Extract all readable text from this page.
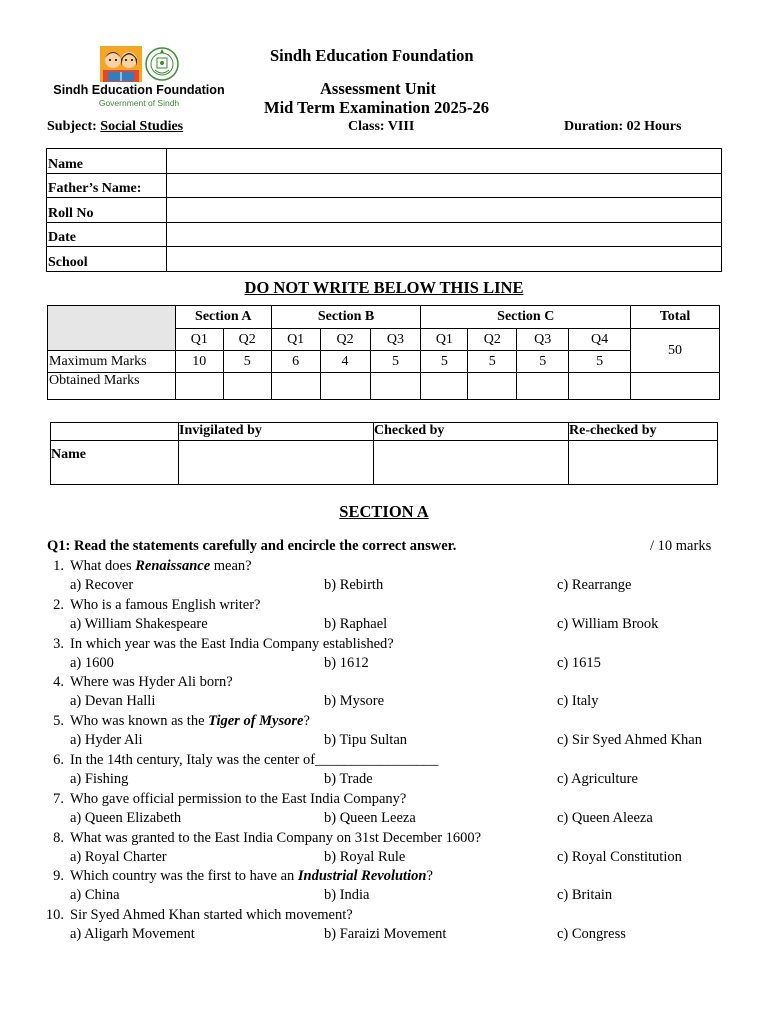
Sindh Education Foundation
Government of Sindh
Sindh Education Foundation
Assessment Unit
Mid Term Examination 2025-26
Subject: Social Studies	Class: VIII	Duration: 02 Hours
Name	
Father’s Name:	
Roll No	
Date	
School	
DO NOT WRITE BELOW THIS LINE
	Section A		Section B			Section C				Total
	Q1	Q2	Q1	Q2	Q3	Q1	Q2	Q3	Q4	50
Maximum Marks	10	5	6	4	5	5	5	5	5	
Obtained Marks										
	Invigilated by	Checked by	Re-checked by
Name			
SECTION A
Q1: Read the statements carefully and encircle the correct answer.	/ 10 marks
1. What does Renaissance mean?
a) Recover	b) Rebirth	c) Rearrange
2. Who is a famous English writer?
a) William Shakespeare	b) Raphael	c) William Brook
3. In which year was the East India Company established?
a) 1600	b) 1612	c) 1615
4. Where was Hyder Ali born?
a) Devan Halli	b) Mysore	c) Italy
5. Who was known as the Tiger of Mysore?
a) Hyder Ali	b) Tipu Sultan	c) Sir Syed Ahmed Khan
6. In the 14th century, Italy was the center of_________________
a) Fishing	b) Trade	c) Agriculture
7. Who gave official permission to the East India Company?
a) Queen Elizabeth	b) Queen Leeza	c) Queen Aleeza
8. What was granted to the East India Company on 31st December 1600?
a) Royal Charter	b) Royal Rule	c) Royal Constitution
9. Which country was the first to have an Industrial Revolution?
a) China	b) India	c) Britain
10. Sir Syed Ahmed Khan started which movement?
a) Aligarh Movement	b) Faraizi Movement	c) Congress
